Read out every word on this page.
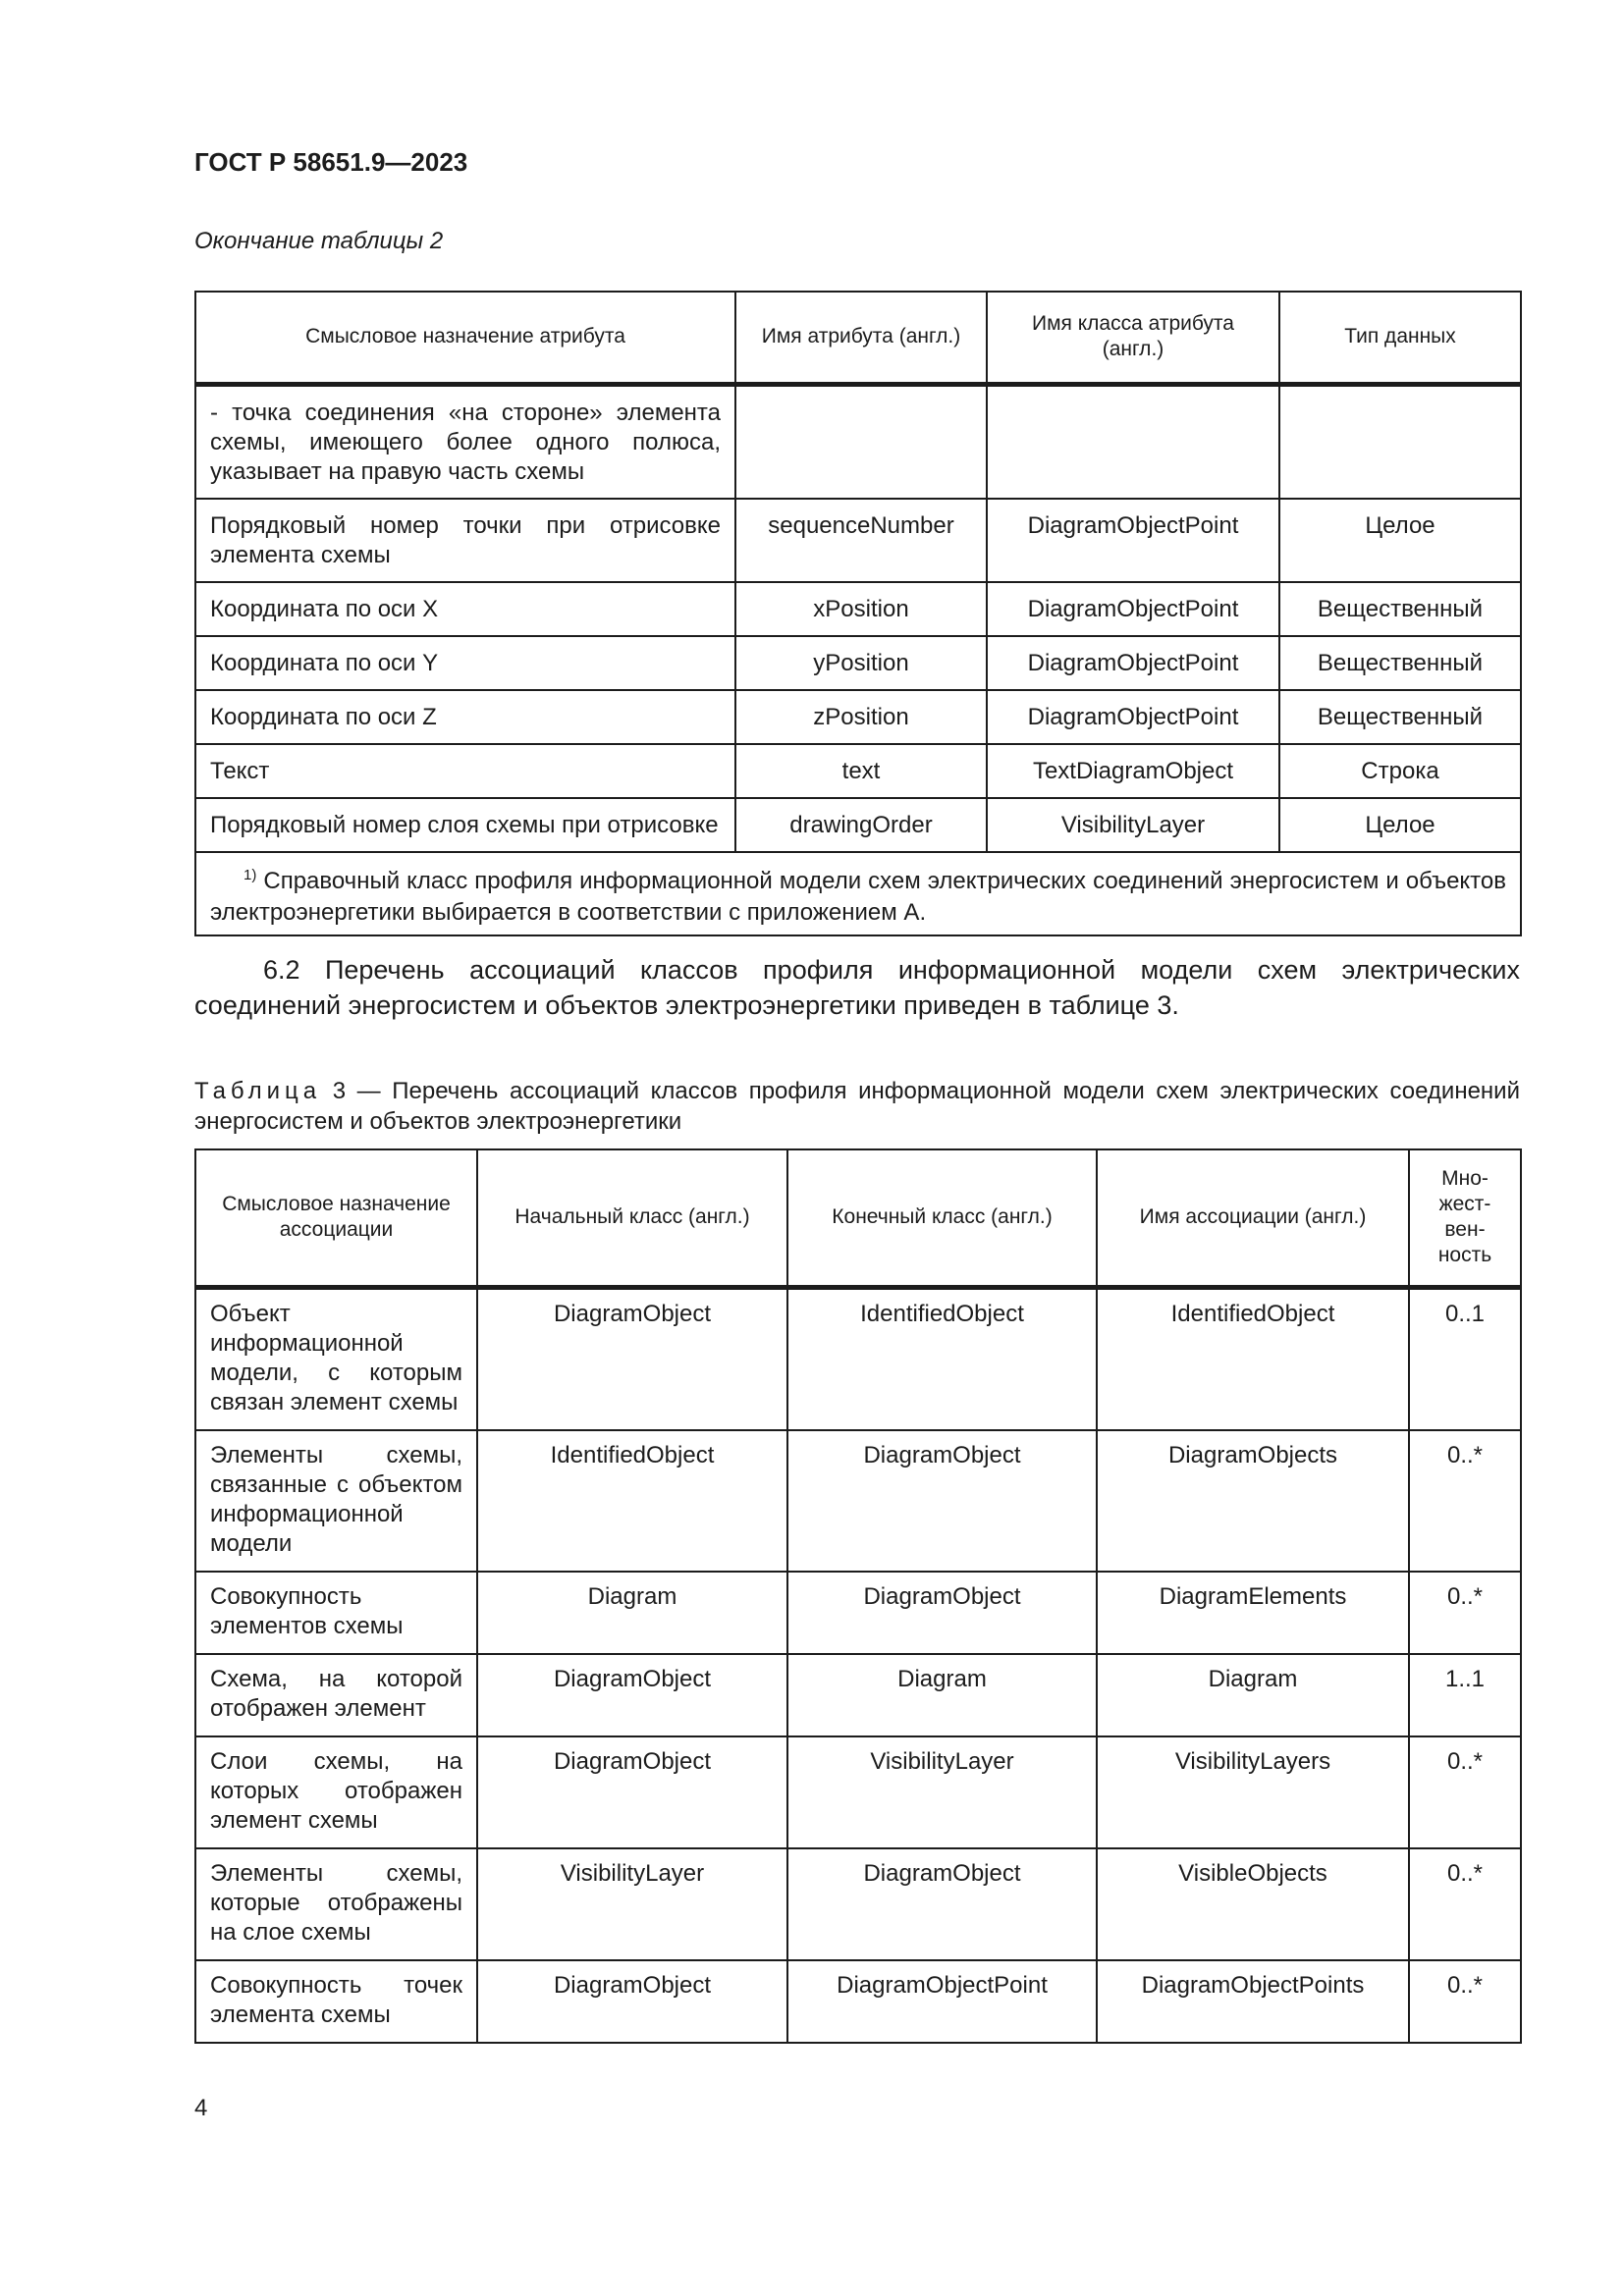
ГОСТ Р 58651.9—2023
Окончание таблицы 2
Смысловое назначение атрибута	Имя атрибута (англ.)	Имя класса атрибута (англ.)	Тип данных
- точка соединения «на стороне» элемента схемы, имеющего более одного полюса, указывает на правую часть схемы			
Порядковый номер точки при отрисовке элемента схемы	sequenceNumber	DiagramObjectPoint	Целое
Координата по оси X	xPosition	DiagramObjectPoint	Вещественный
Координата по оси Y	yPosition	DiagramObjectPoint	Вещественный
Координата по оси Z	zPosition	DiagramObjectPoint	Вещественный
Текст	text	TextDiagramObject	Строка
Порядковый номер слоя схемы при отрисовке	drawingOrder	VisibilityLayer	Целое
$^{1)}$ Справочный класс профиля информационной модели схем электрических соединений энергосистем и объектов электроэнергетики выбирается в соответствии с приложением А.			
6.2 Перечень ассоциаций классов профиля информационной модели схем электрических соединений энергосистем и объектов электроэнергетики приведен в таблице 3.
Таблица 3 — Перечень ассоциаций классов профиля информационной модели схем электрических соединений энергосистем и объектов электроэнергетики
Смысловое назначение ассоциации	Начальный класс (англ.)	Конечный класс (англ.)	Имя ассоциации (англ.)	Мно-
жест-
вен-
ность
Объект информационной модели, с которым связан элемент схемы	DiagramObject	IdentifiedObject	IdentifiedObject	0..1
Элементы схемы, связанные с объектом информационной модели	IdentifiedObject	DiagramObject	DiagramObjects	0..*
Совокупность элементов схемы	Diagram	DiagramObject	DiagramElements	0..*
Схема, на которой отображен элемент	DiagramObject	Diagram	Diagram	1..1
Слои схемы, на которых отображен элемент схемы	DiagramObject	VisibilityLayer	VisibilityLayers	0..*
Элементы схемы, которые отображены на слое схемы	VisibilityLayer	DiagramObject	VisibleObjects	0..*
Совокупность точек элемента схемы	DiagramObject	DiagramObjectPoint	DiagramObjectPoints	0..*
4
